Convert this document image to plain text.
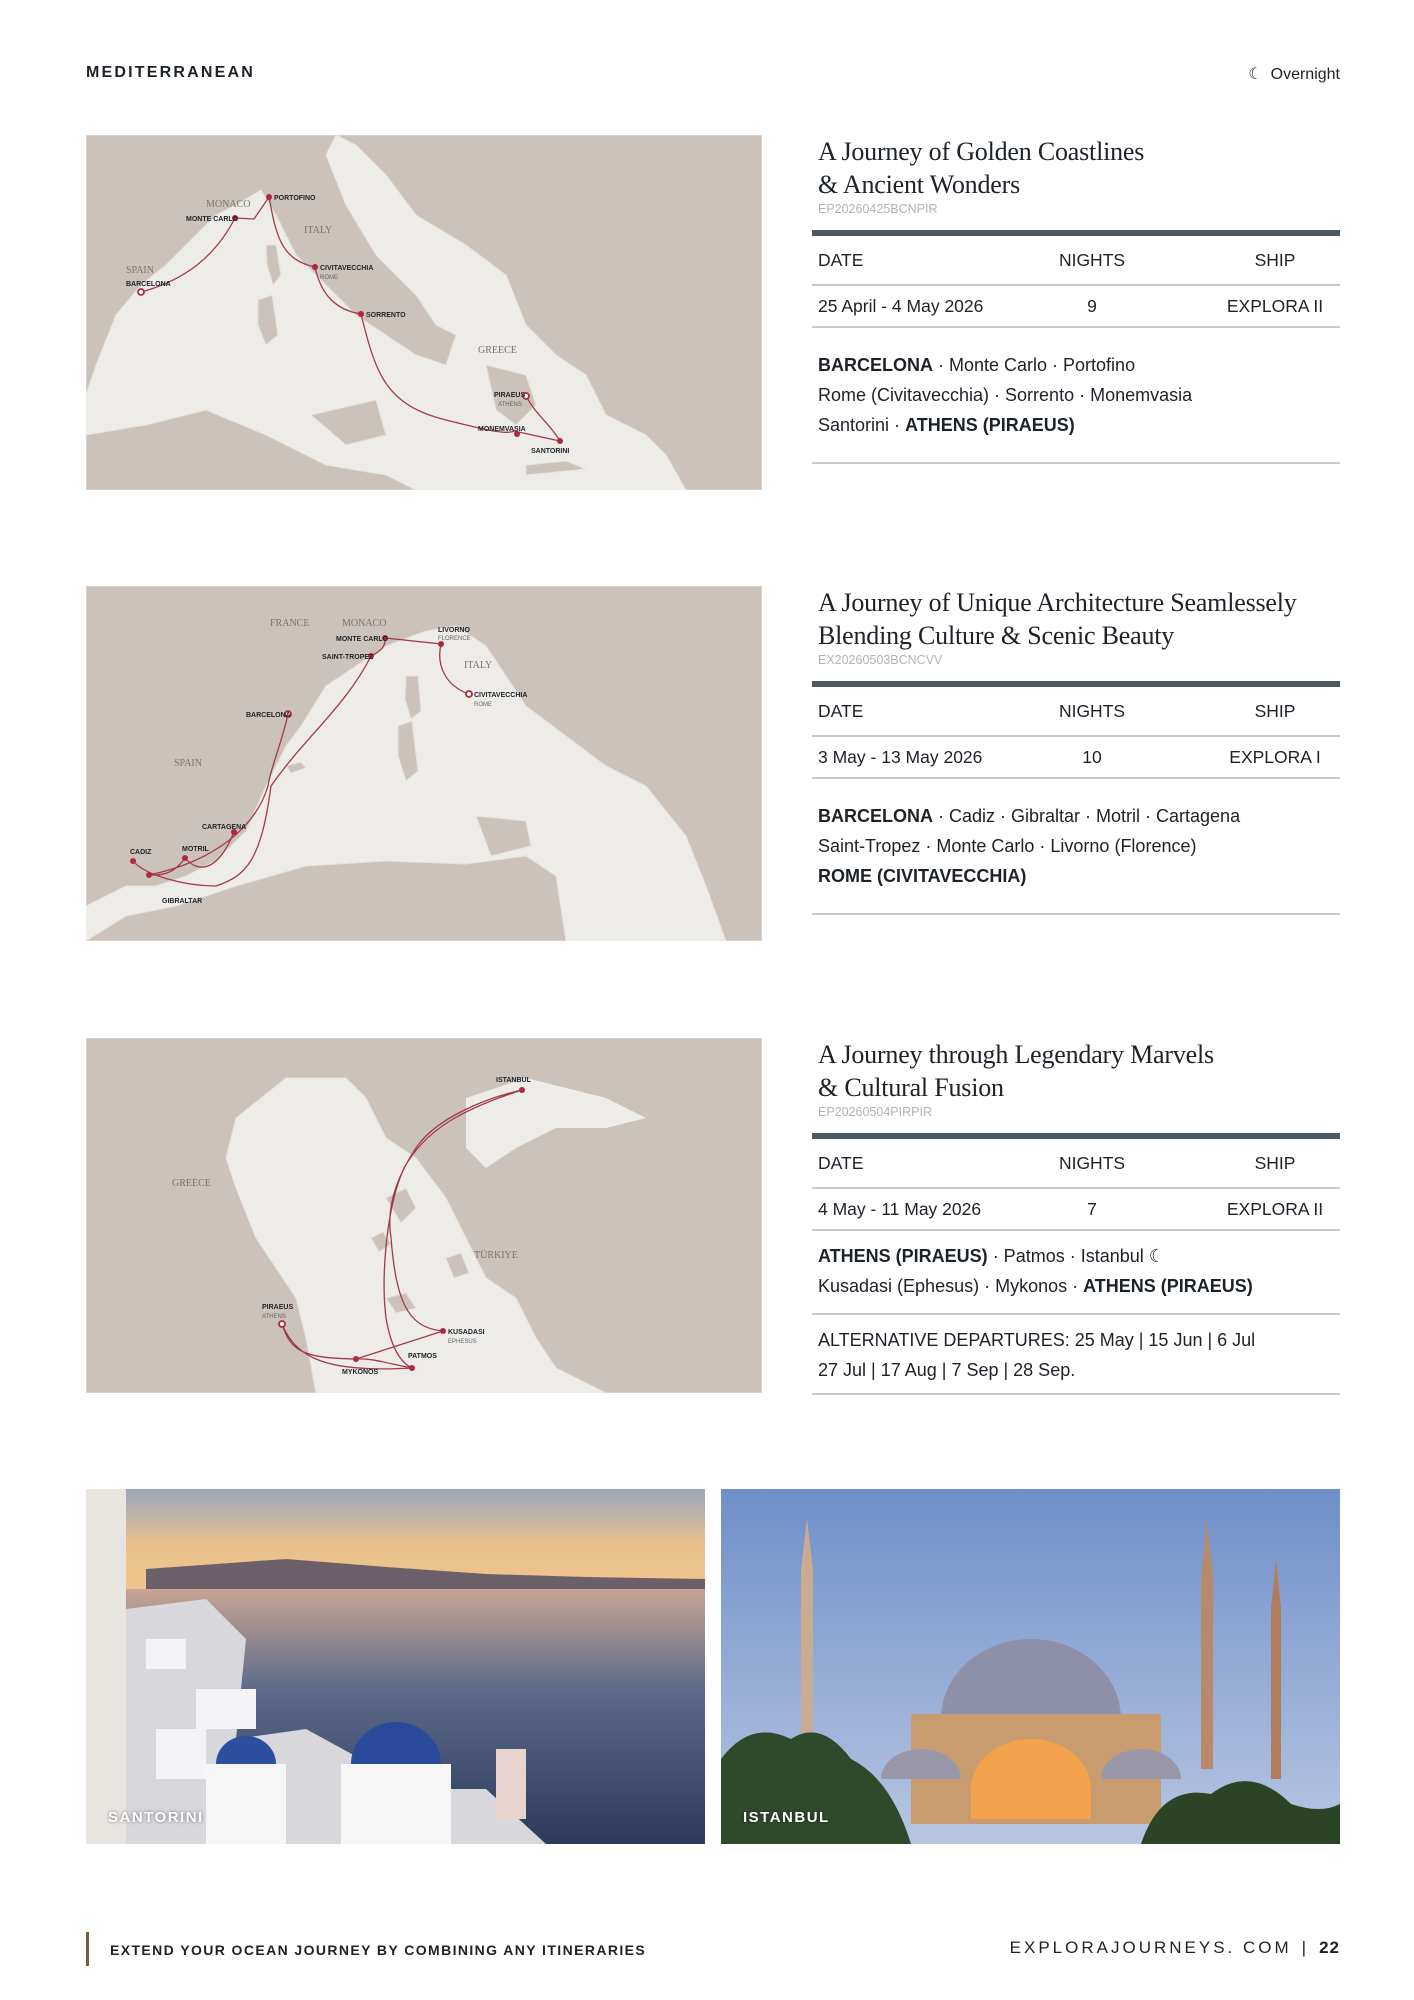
MEDITERRANEAN	☾ Overnight
SPAIN
MONACO
ITALY
GREECE
BARCELONA
MONTE CARLO
PORTOFINO
CIVITAVECCHIA
ROME
SORRENTO
MONEMVASIA
SANTORINI
PIRAEUS
ATHENS
FRANCE	MONACO
SPAIN
ITALY
BARCELONA
SAINT-TROPEZ
MONTE CARLO
LIVORNO
FLORENCE
CIVITAVECCHIA
ROME
CARTAGENA
MOTRIL
CADIZ
GIBRALTAR
GREECE
TÜRKIYE
ISTANBUL
PIRAEUS
ATHENS
KUSADASI
EPHESUS
MYKONOS
PATMOS
A Journey of Golden Coastlines
& Ancient Wonders
EP20260425BCNPIR
DATE	NIGHTS	SHIP
25 April - 4 May 2026	9	EXPLORA II
BARCELONA · Monte Carlo · Portofino
Rome (Civitavecchia) · Sorrento · Monemvasia
Santorini · ATHENS (PIRAEUS)
A Journey of Unique Architecture Seamlessely
Blending Culture & Scenic Beauty
EX20260503BCNCVV
DATE	NIGHTS	SHIP
3 May - 13 May 2026	10	EXPLORA I
BARCELONA · Cadiz · Gibraltar · Motril · Cartagena
Saint-Tropez · Monte Carlo · Livorno (Florence)
ROME (CIVITAVECCHIA)
A Journey through Legendary Marvels
& Cultural Fusion
EP20260504PIRPIR
DATE	NIGHTS	SHIP
4 May - 11 May 2026	7	EXPLORA II
ATHENS (PIRAEUS) · Patmos · Istanbul ☾
Kusadasi (Ephesus) · Mykonos · ATHENS (PIRAEUS)
ALTERNATIVE DEPARTURES: 25 May | 15 Jun | 6 Jul
27 Jul | 17 Aug | 7 Sep | 28 Sep.
SANTORINI	ISTANBUL
EXTEND YOUR OCEAN JOURNEY BY COMBINING ANY ITINERARIES	EXPLORAJOURNEYS. COM | 22
